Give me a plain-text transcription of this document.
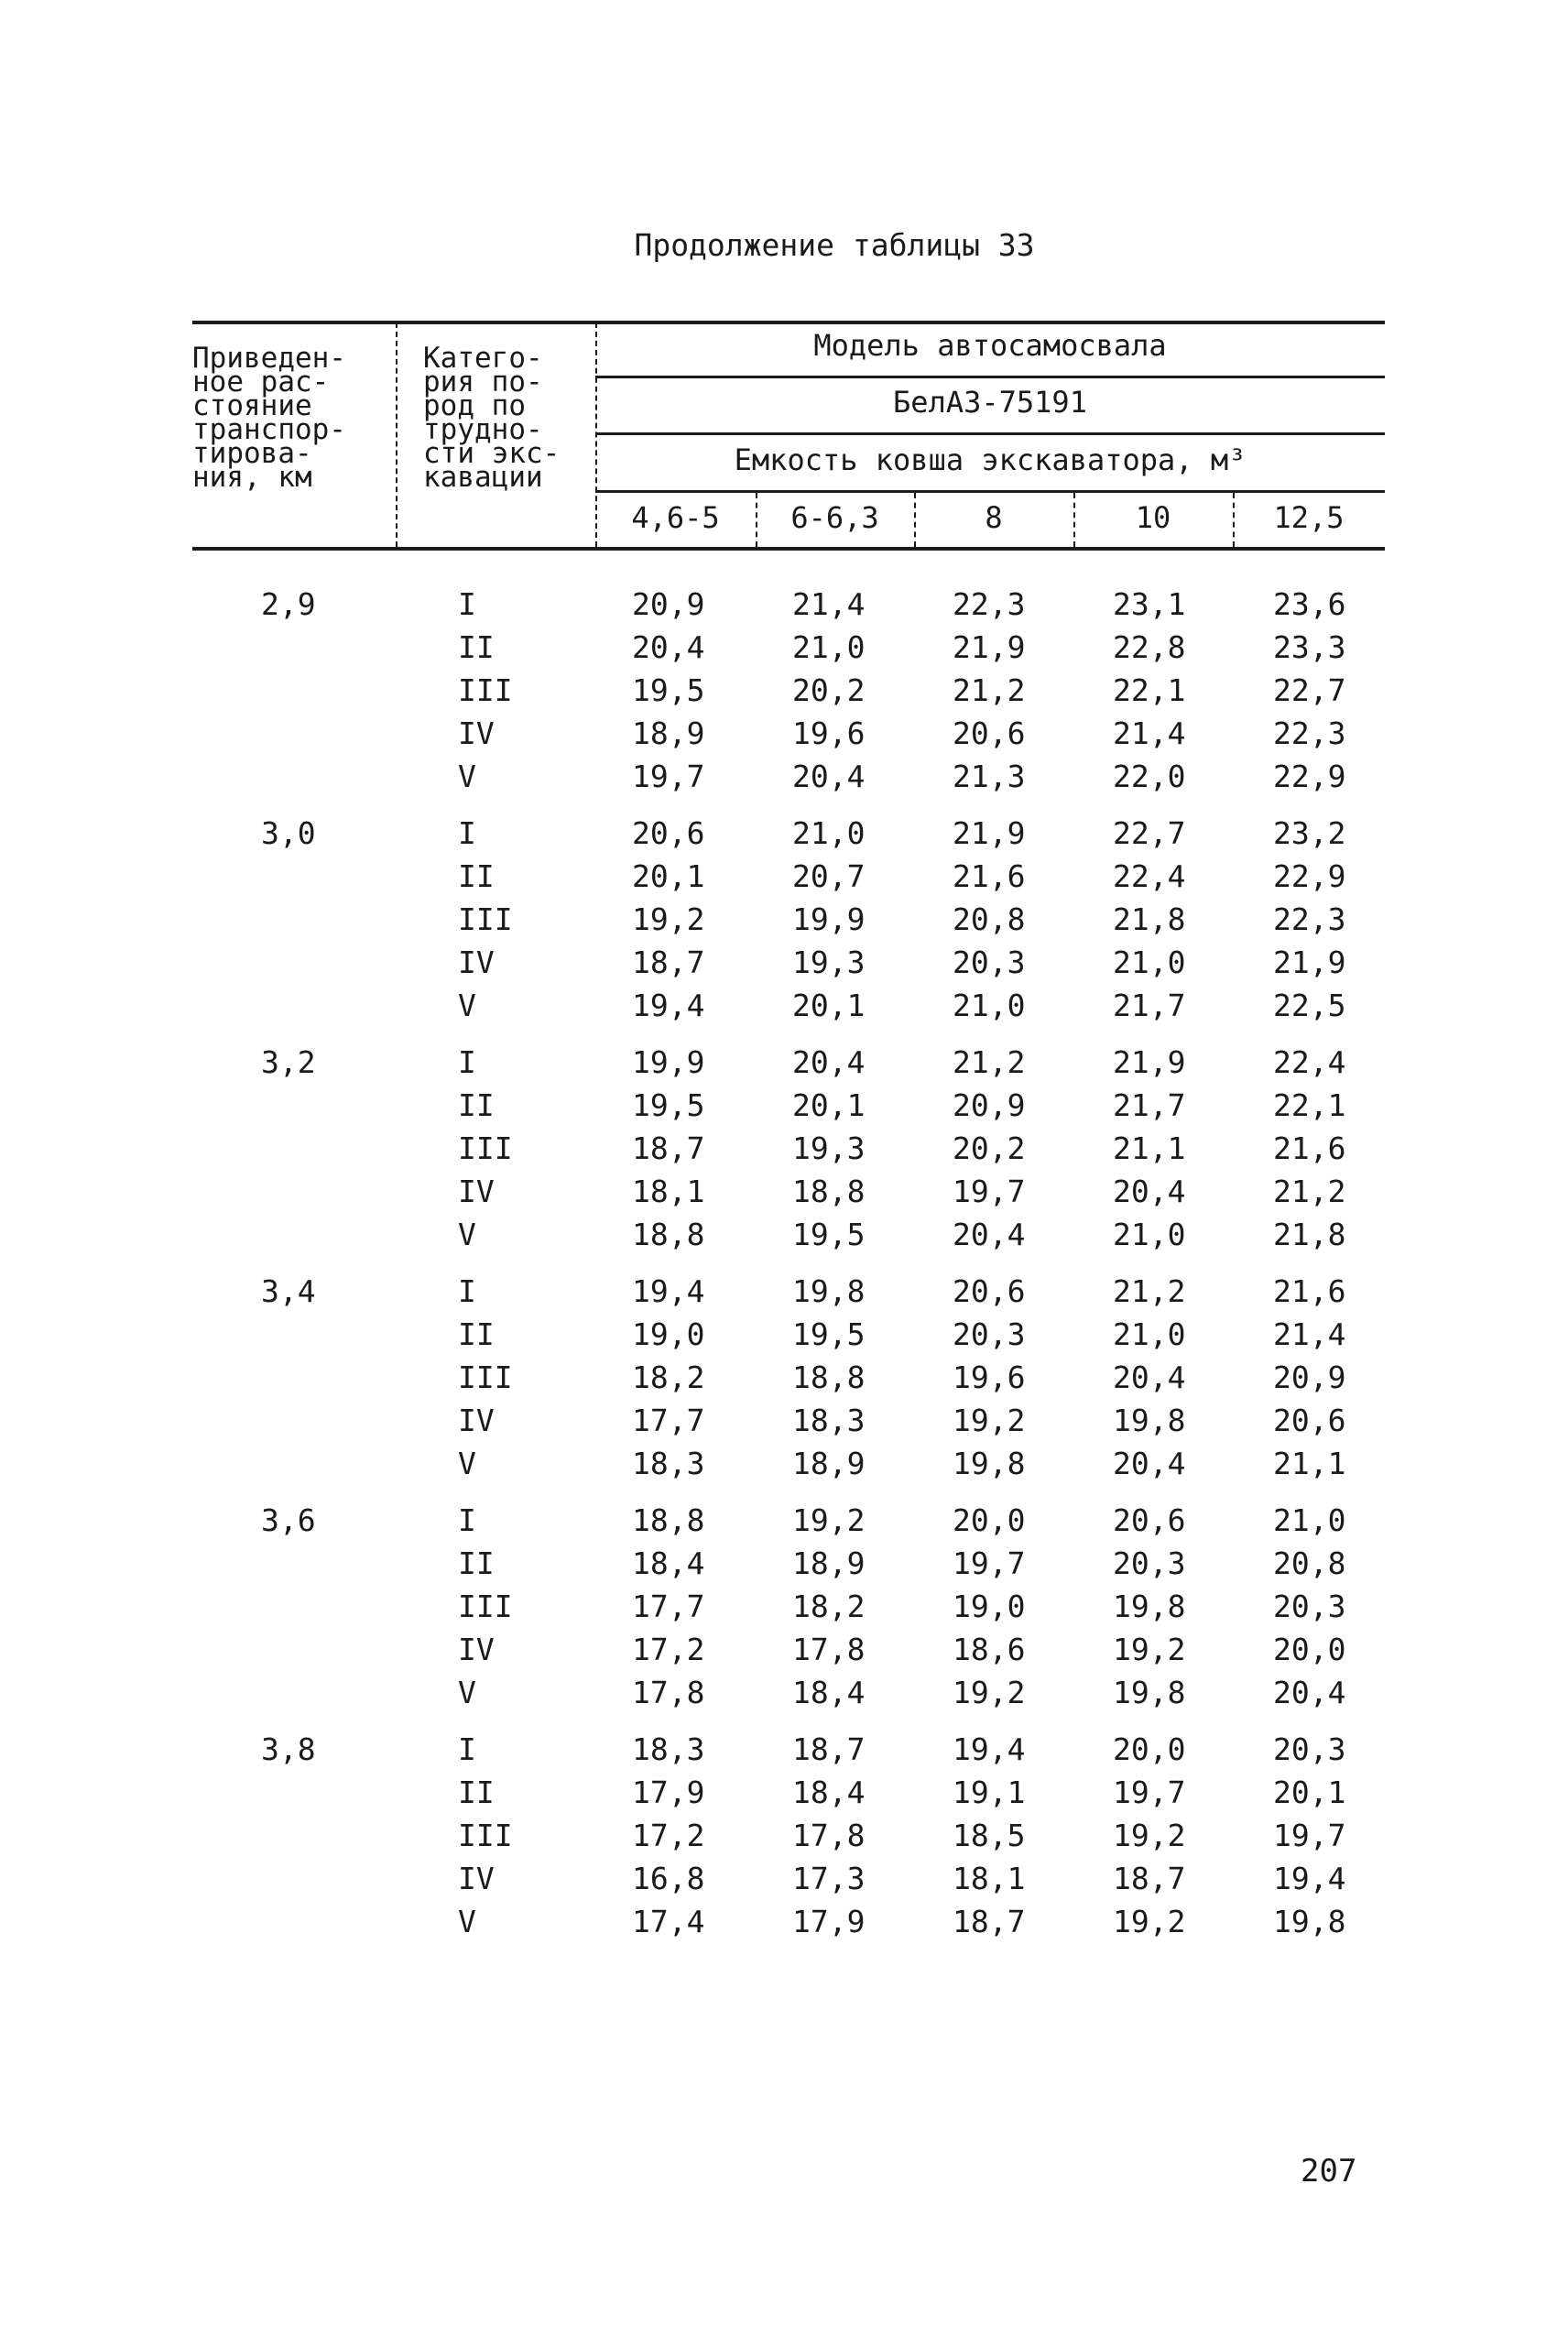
Продолжение таблицы 33
Приведен-
ное рас-
стояние
транспор-
тирова-
ния, км
Катего-
рия по-
род по
трудно-
сти экс-
кавации
Модель автосамосвала
БелАЗ-75191
Емкость ковша экскаватора, м³
4,6-5	6-6,3	8	10	12,5
2,9	I	20,9	21,4	22,3	23,1	23,6
II	20,4	21,0	21,9	22,8	23,3
III	19,5	20,2	21,2	22,1	22,7
IV	18,9	19,6	20,6	21,4	22,3
V	19,7	20,4	21,3	22,0	22,9
3,0	I	20,6	21,0	21,9	22,7	23,2
II	20,1	20,7	21,6	22,4	22,9
III	19,2	19,9	20,8	21,8	22,3
IV	18,7	19,3	20,3	21,0	21,9
V	19,4	20,1	21,0	21,7	22,5
3,2	I	19,9	20,4	21,2	21,9	22,4
II	19,5	20,1	20,9	21,7	22,1
III	18,7	19,3	20,2	21,1	21,6
IV	18,1	18,8	19,7	20,4	21,2
V	18,8	19,5	20,4	21,0	21,8
3,4	I	19,4	19,8	20,6	21,2	21,6
II	19,0	19,5	20,3	21,0	21,4
III	18,2	18,8	19,6	20,4	20,9
IV	17,7	18,3	19,2	19,8	20,6
V	18,3	18,9	19,8	20,4	21,1
3,6	I	18,8	19,2	20,0	20,6	21,0
II	18,4	18,9	19,7	20,3	20,8
III	17,7	18,2	19,0	19,8	20,3
IV	17,2	17,8	18,6	19,2	20,0
V	17,8	18,4	19,2	19,8	20,4
3,8	I	18,3	18,7	19,4	20,0	20,3
II	17,9	18,4	19,1	19,7	20,1
III	17,2	17,8	18,5	19,2	19,7
IV	16,8	17,3	18,1	18,7	19,4
V	17,4	17,9	18,7	19,2	19,8
207
